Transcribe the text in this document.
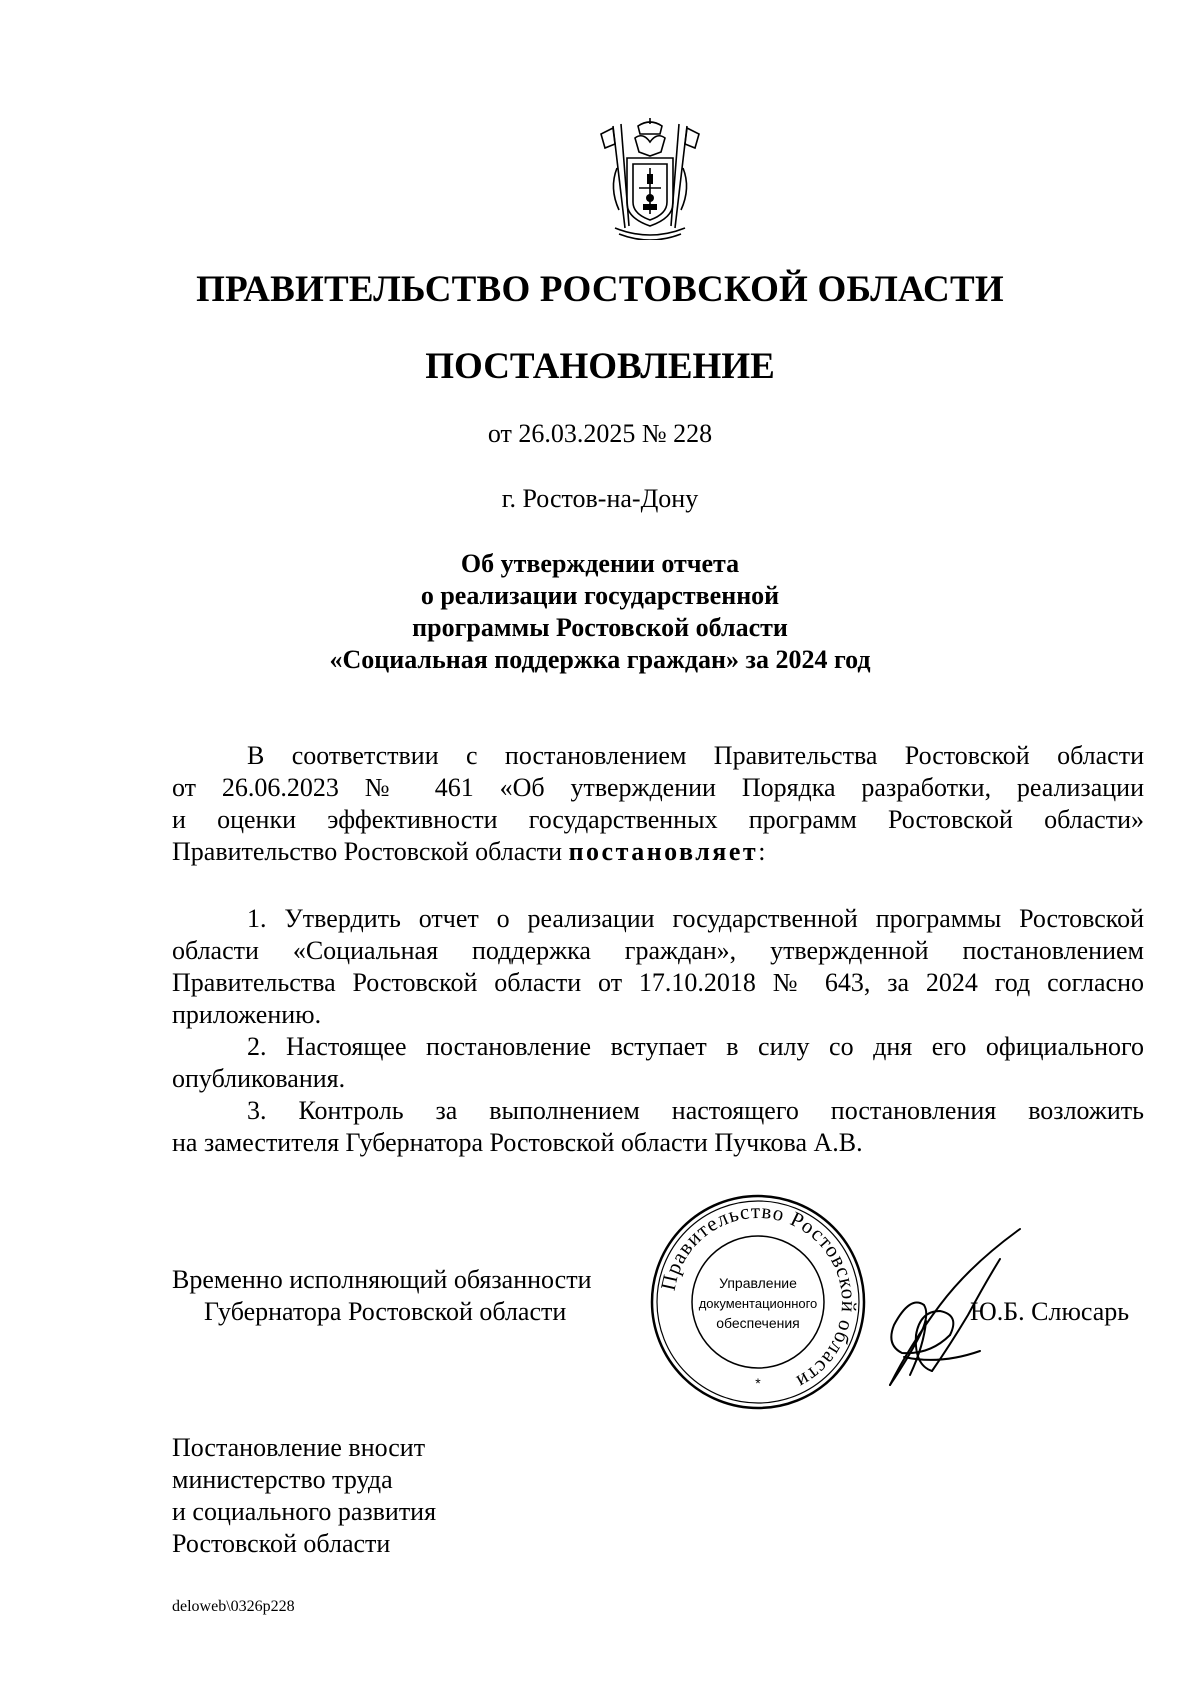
ПРАВИТЕЛЬСТВО РОСТОВСКОЙ ОБЛАСТИ
ПОСТАНОВЛЕНИЕ
от 26.03.2025 № 228
г. Ростов-на-Дону
Об утверждении отчета
о реализации государственной
программы Ростовской области
«Социальная поддержка граждан» за 2024 год
В соответствии с постановлением Правительства Ростовской области
от 26.06.2023 № 461 «Об утверждении Порядка разработки, реализации
и оценки эффективности государственных программ Ростовской области»
Правительство Ростовской области постановляет:
1. Утвердить отчет о реализации государственной программы Ростовской
области «Социальная поддержка граждан», утвержденной постановлением
Правительства Ростовской области от 17.10.2018 № 643, за 2024 год согласно
приложению.
2. Настоящее постановление вступает в силу со дня его официального
опубликования.
3. Контроль за выполнением настоящего постановления возложить
на заместителя Губернатора Ростовской области Пучкова А.В.
Временно исполняющий обязанности
Губернатора Ростовской области
Правительство Ростовской области
Управление
документационного
обеспечения
*
Ю.Б. Слюсарь
Постановление вносит
министерство труда
и социального развития
Ростовской области
deloweb\0326p228
